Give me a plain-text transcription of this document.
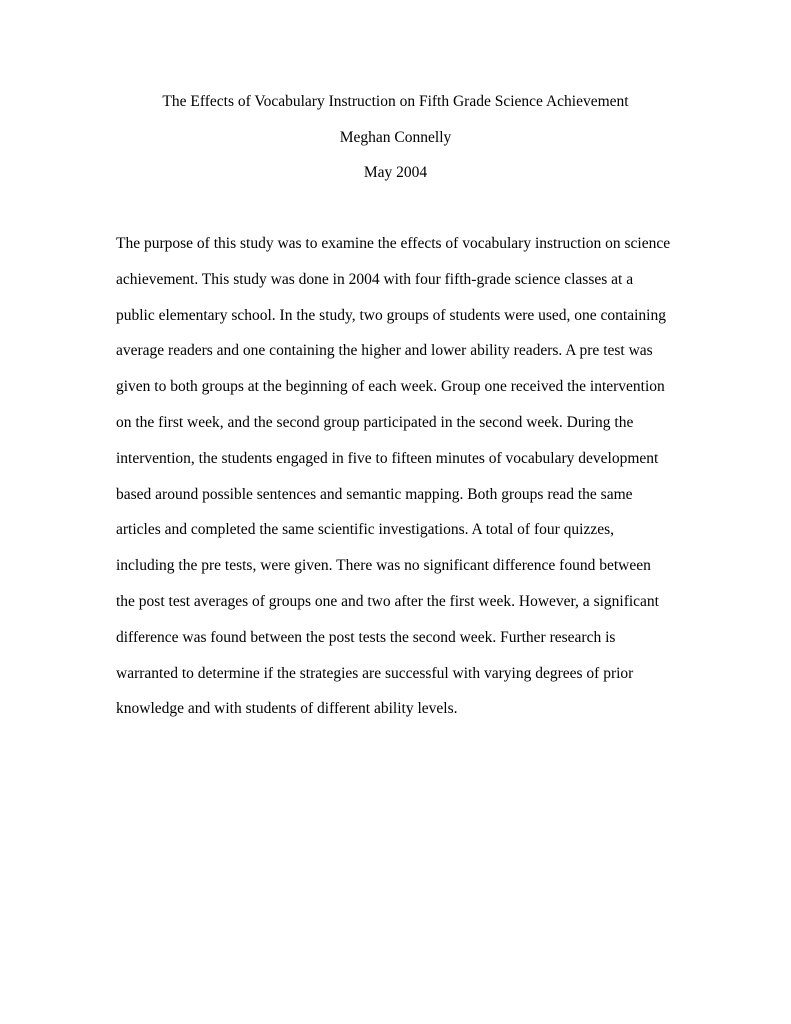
The Effects of Vocabulary Instruction on Fifth Grade Science Achievement
Meghan Connelly
May 2004
The purpose of this study was to examine the effects of vocabulary instruction on science
achievement. This study was done in 2004 with four fifth-grade science classes at a
public elementary school. In the study, two groups of students were used, one containing
average readers and one containing the higher and lower ability readers. A pre test was
given to both groups at the beginning of each week. Group one received the intervention
on the first week, and the second group participated in the second week. During the
intervention, the students engaged in five to fifteen minutes of vocabulary development
based around possible sentences and semantic mapping. Both groups read the same
articles and completed the same scientific investigations. A total of four quizzes,
including the pre tests, were given. There was no significant difference found between
the post test averages of groups one and two after the first week. However, a significant
difference was found between the post tests the second week. Further research is
warranted to determine if the strategies are successful with varying degrees of prior
knowledge and with students of different ability levels.
